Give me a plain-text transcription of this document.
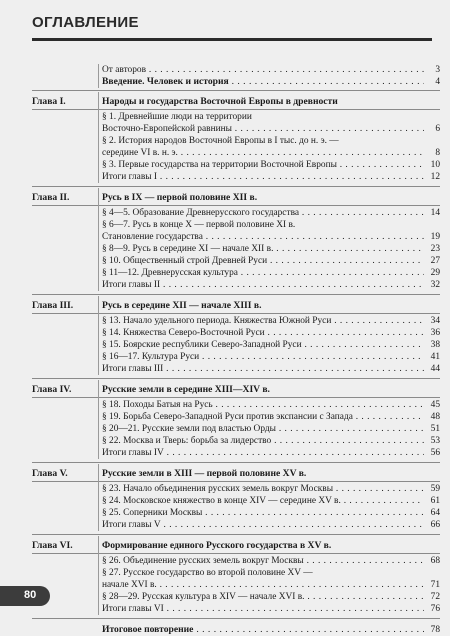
ОГЛАВЛЕНИЕ
От авторов . . .	3
Введение. Человек и история . . .	4
Глава I.	Народы и государства Восточной Европы в древности
§ 1. Древнейшие люди на территории
Восточно-Европейской равнины . . .	6
§ 2. История народов Восточной Европы в I тыс. до н. э. —
середине VI в. н. э. . . .	8
§ 3. Первые государства на территории Восточной Европы . . .	10
Итоги главы I . . .	12
Глава II.	Русь в IX — первой половине XII в.
§ 4—5. Образование Древнерусского государства . . .	14
§ 6—7. Русь в конце X — первой половине XI в.
Становление государства . . .	19
§ 8—9. Русь в середине XI — начале XII в. . . .	23
§ 10. Общественный строй Древней Руси . . .	27
§ 11—12. Древнерусская культура . . .	29
Итоги главы II . . .	32
Глава III.	Русь в середине XII — начале XIII в.
§ 13. Начало удельного периода. Княжества Южной Руси . . .	34
§ 14. Княжества Северо-Восточной Руси . . .	36
§ 15. Боярские республики Северо-Западной Руси . . .	38
§ 16—17. Культура Руси . . .	41
Итоги главы III . . .	44
Глава IV.	Русские земли в середине XIII—XIV в.
§ 18. Походы Батыя на Русь . . .	45
§ 19. Борьба Северо-Западной Руси против экспансии с Запада . . .	48
§ 20—21. Русские земли под властью Орды . . .	51
§ 22. Москва и Тверь: борьба за лидерство . . .	53
Итоги главы IV . . .	56
Глава V.	Русские земли в XIII — первой половине XV в.
§ 23. Начало объединения русских земель вокруг Москвы . . .	59
§ 24. Московское княжество в конце XIV — середине XV в. . . .	61
§ 25. Соперники Москвы . . .	64
Итоги главы V . . .	66
Глава VI.	Формирование единого Русского государства в XV в.
§ 26. Объединение русских земель вокруг Москвы . . .	68
§ 27. Русское государство во второй половине XV —
начале XVI в. . . .	71
§ 28—29. Русская культура в XIV — начале XVI в. . . .	72
Итоги главы VI . . .	76
Итоговое повторение . . .	78
80
